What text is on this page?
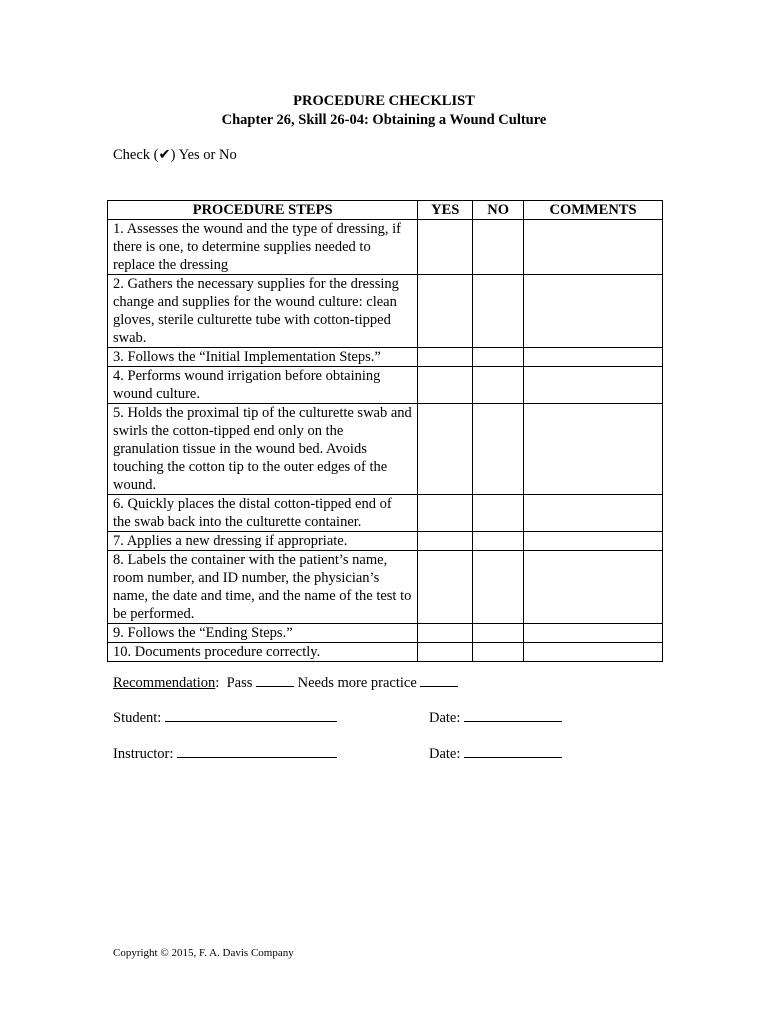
PROCEDURE CHECKLIST
Chapter 26, Skill 26-04: Obtaining a Wound Culture
Check (✔) Yes or No
PROCEDURE STEPS	YES	NO	COMMENTS
1. Assesses the wound and the type of dressing, if there is one, to determine supplies needed to replace the dressing			
2. Gathers the necessary supplies for the dressing change and supplies for the wound culture: clean gloves, sterile culturette tube with cotton-tipped swab.			
3. Follows the “Initial Implementation Steps.”			
4. Performs wound irrigation before obtaining wound culture.			
5. Holds the proximal tip of the culturette swab and swirls the cotton-tipped end only on the granulation tissue in the wound bed. Avoids touching the cotton tip to the outer edges of the wound.			
6. Quickly places the distal cotton-tipped end of the swab back into the culturette container.			
7. Applies a new dressing if appropriate.			
8. Labels the container with the patient’s name, room number, and ID number, the physician’s name, the date and time, and the name of the test to be performed.			
9. Follows the “Ending Steps.”			
10. Documents procedure correctly.			
Recommendation: Pass	Needs more practice
Student:	Date:
Instructor:	Date:
Copyright © 2015, F. A. Davis Company
